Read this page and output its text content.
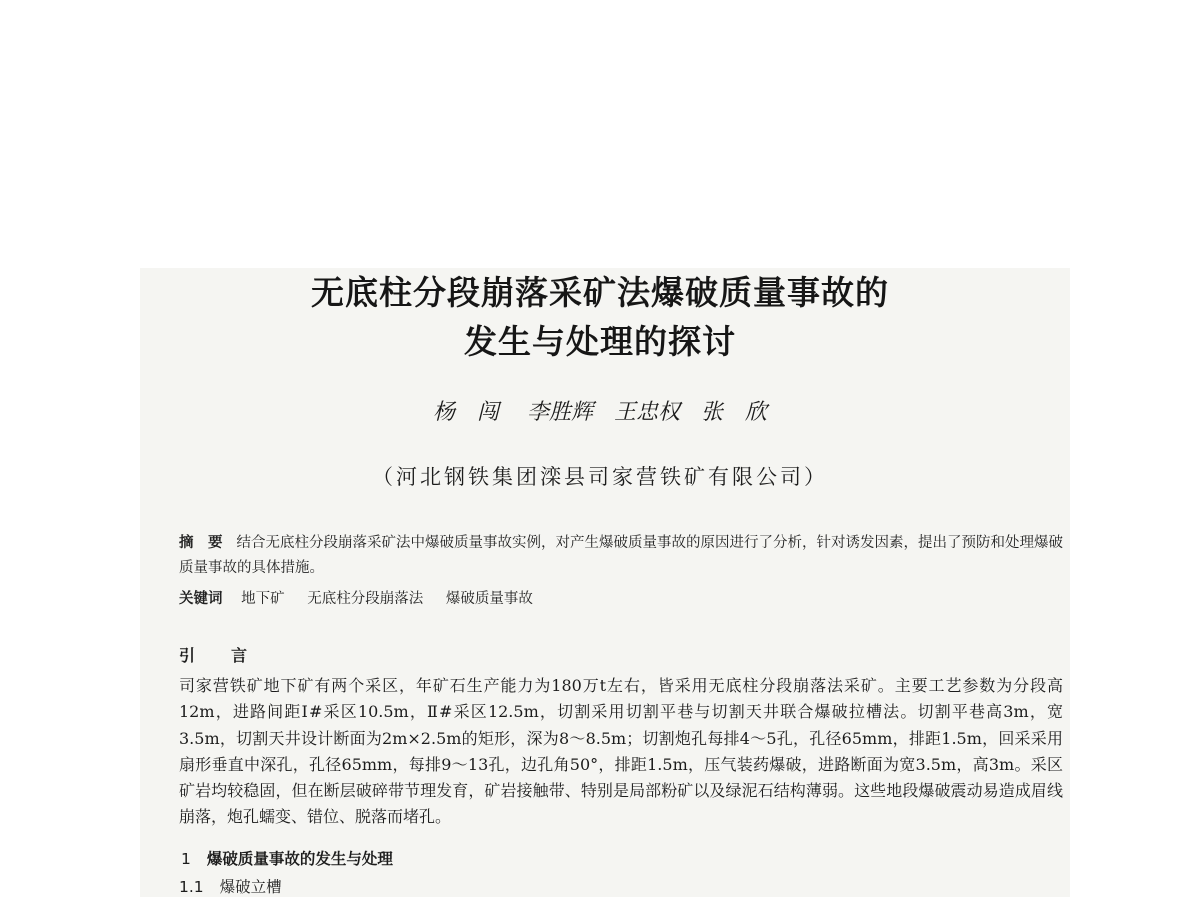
无底柱分段崩落采矿法爆破质量事故的
发生与处理的探讨
杨　闯 李胜辉 王忠权 张　欣
（河北钢铁集团滦县司家营铁矿有限公司）
摘　要 结合无底柱分段崩落采矿法中爆破质量事故实例，对产生爆破质量事故的原因进行了分析，针对诱发因素，提出了预防和处理爆破质量事故的具体措施。
关键词 地下矿 无底柱分段崩落法 爆破质量事故
引　言
司家营铁矿地下矿有两个采区，年矿石生产能力为180万t左右，皆采用无底柱分段崩落法采矿。主要工艺参数为分段高12m，进路间距Ⅰ#采区10.5m，Ⅱ#采区12.5m，切割采用切割平巷与切割天井联合爆破拉槽法。切割平巷高3m，宽3.5m，切割天井设计断面为2m×2.5m的矩形，深为8～8.5m；切割炮孔每排4～5孔，孔径65mm，排距1.5m，回采采用扇形垂直中深孔，孔径65mm，每排9～13孔，边孔角50°，排距1.5m，压气装药爆破，进路断面为宽3.5m，高3m。采区矿岩均较稳固，但在断层破碎带节理发育，矿岩接触带、特别是局部粉矿以及绿泥石结构薄弱。这些地段爆破震动易造成眉线崩落，炮孔蠕变、错位、脱落而堵孔。
1 爆破质量事故的发生与处理
1.1 爆破立槽
